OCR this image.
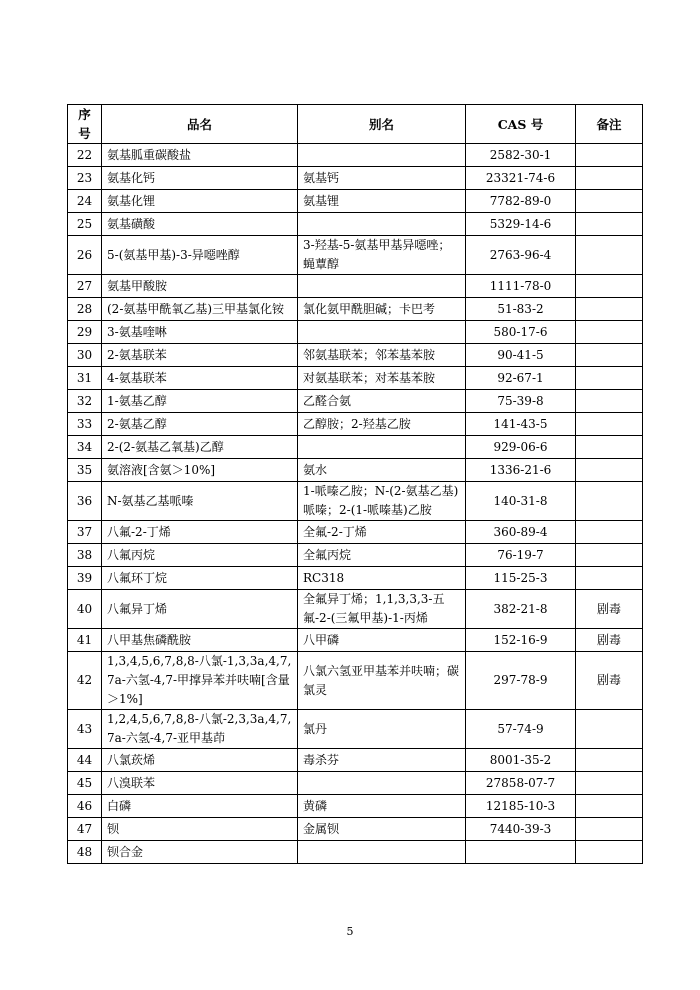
序号	品名	别名	CAS 号	备注
22	氨基胍重碳酸盐		2582-30-1	
23	氨基化钙	氨基钙	23321-74-6	
24	氨基化锂	氨基锂	7782-89-0	
25	氨基磺酸		5329-14-6	
26	5-(氨基甲基)-3-异噁唑醇	3-羟基-5-氨基甲基异噁唑；蝇蕈醇	2763-96-4	
27	氨基甲酸胺		1111-78-0	
28	(2-氨基甲酰氧乙基)三甲基氯化铵	氯化氨甲酰胆碱；卡巴考	51-83-2	
29	3-氨基喹啉		580-17-6	
30	2-氨基联苯	邻氨基联苯；邻苯基苯胺	90-41-5	
31	4-氨基联苯	对氨基联苯；对苯基苯胺	92-67-1	
32	1-氨基乙醇	乙醛合氨	75-39-8	
33	2-氨基乙醇	乙醇胺；2-羟基乙胺	141-43-5	
34	2-(2-氨基乙氧基)乙醇		929-06-6	
35	氨溶液[含氨＞10%]	氨水	1336-21-6	
36	N-氨基乙基哌嗪	1-哌嗪乙胺；N-(2-氨基乙基)哌嗪；2-(1-哌嗪基)乙胺	140-31-8	
37	八氟-2-丁烯	全氟-2-丁烯	360-89-4	
38	八氟丙烷	全氟丙烷	76-19-7	
39	八氟环丁烷	RC318	115-25-3	
40	八氟异丁烯	全氟异丁烯；1,1,3,3,3-五氟-2-(三氟甲基)-1-丙烯	382-21-8	剧毒
41	八甲基焦磷酰胺	八甲磷	152-16-9	剧毒
42	1,3,4,5,6,7,8,8-八氯-1,3,3a,4,7,7a-六氢-4,7-甲撑异苯并呋喃[含量＞1%]	八氯六氢亚甲基苯并呋喃；碳氯灵	297-78-9	剧毒
43	1,2,4,5,6,7,8,8-八氯-2,3,3a,4,7,7a-六氢-4,7-亚甲基茚	氯丹	57-74-9	
44	八氯莰烯	毒杀芬	8001-35-2	
45	八溴联苯		27858-07-7	
46	白磷	黄磷	12185-10-3	
47	钡	金属钡	7440-39-3	
48	钡合金			
5
